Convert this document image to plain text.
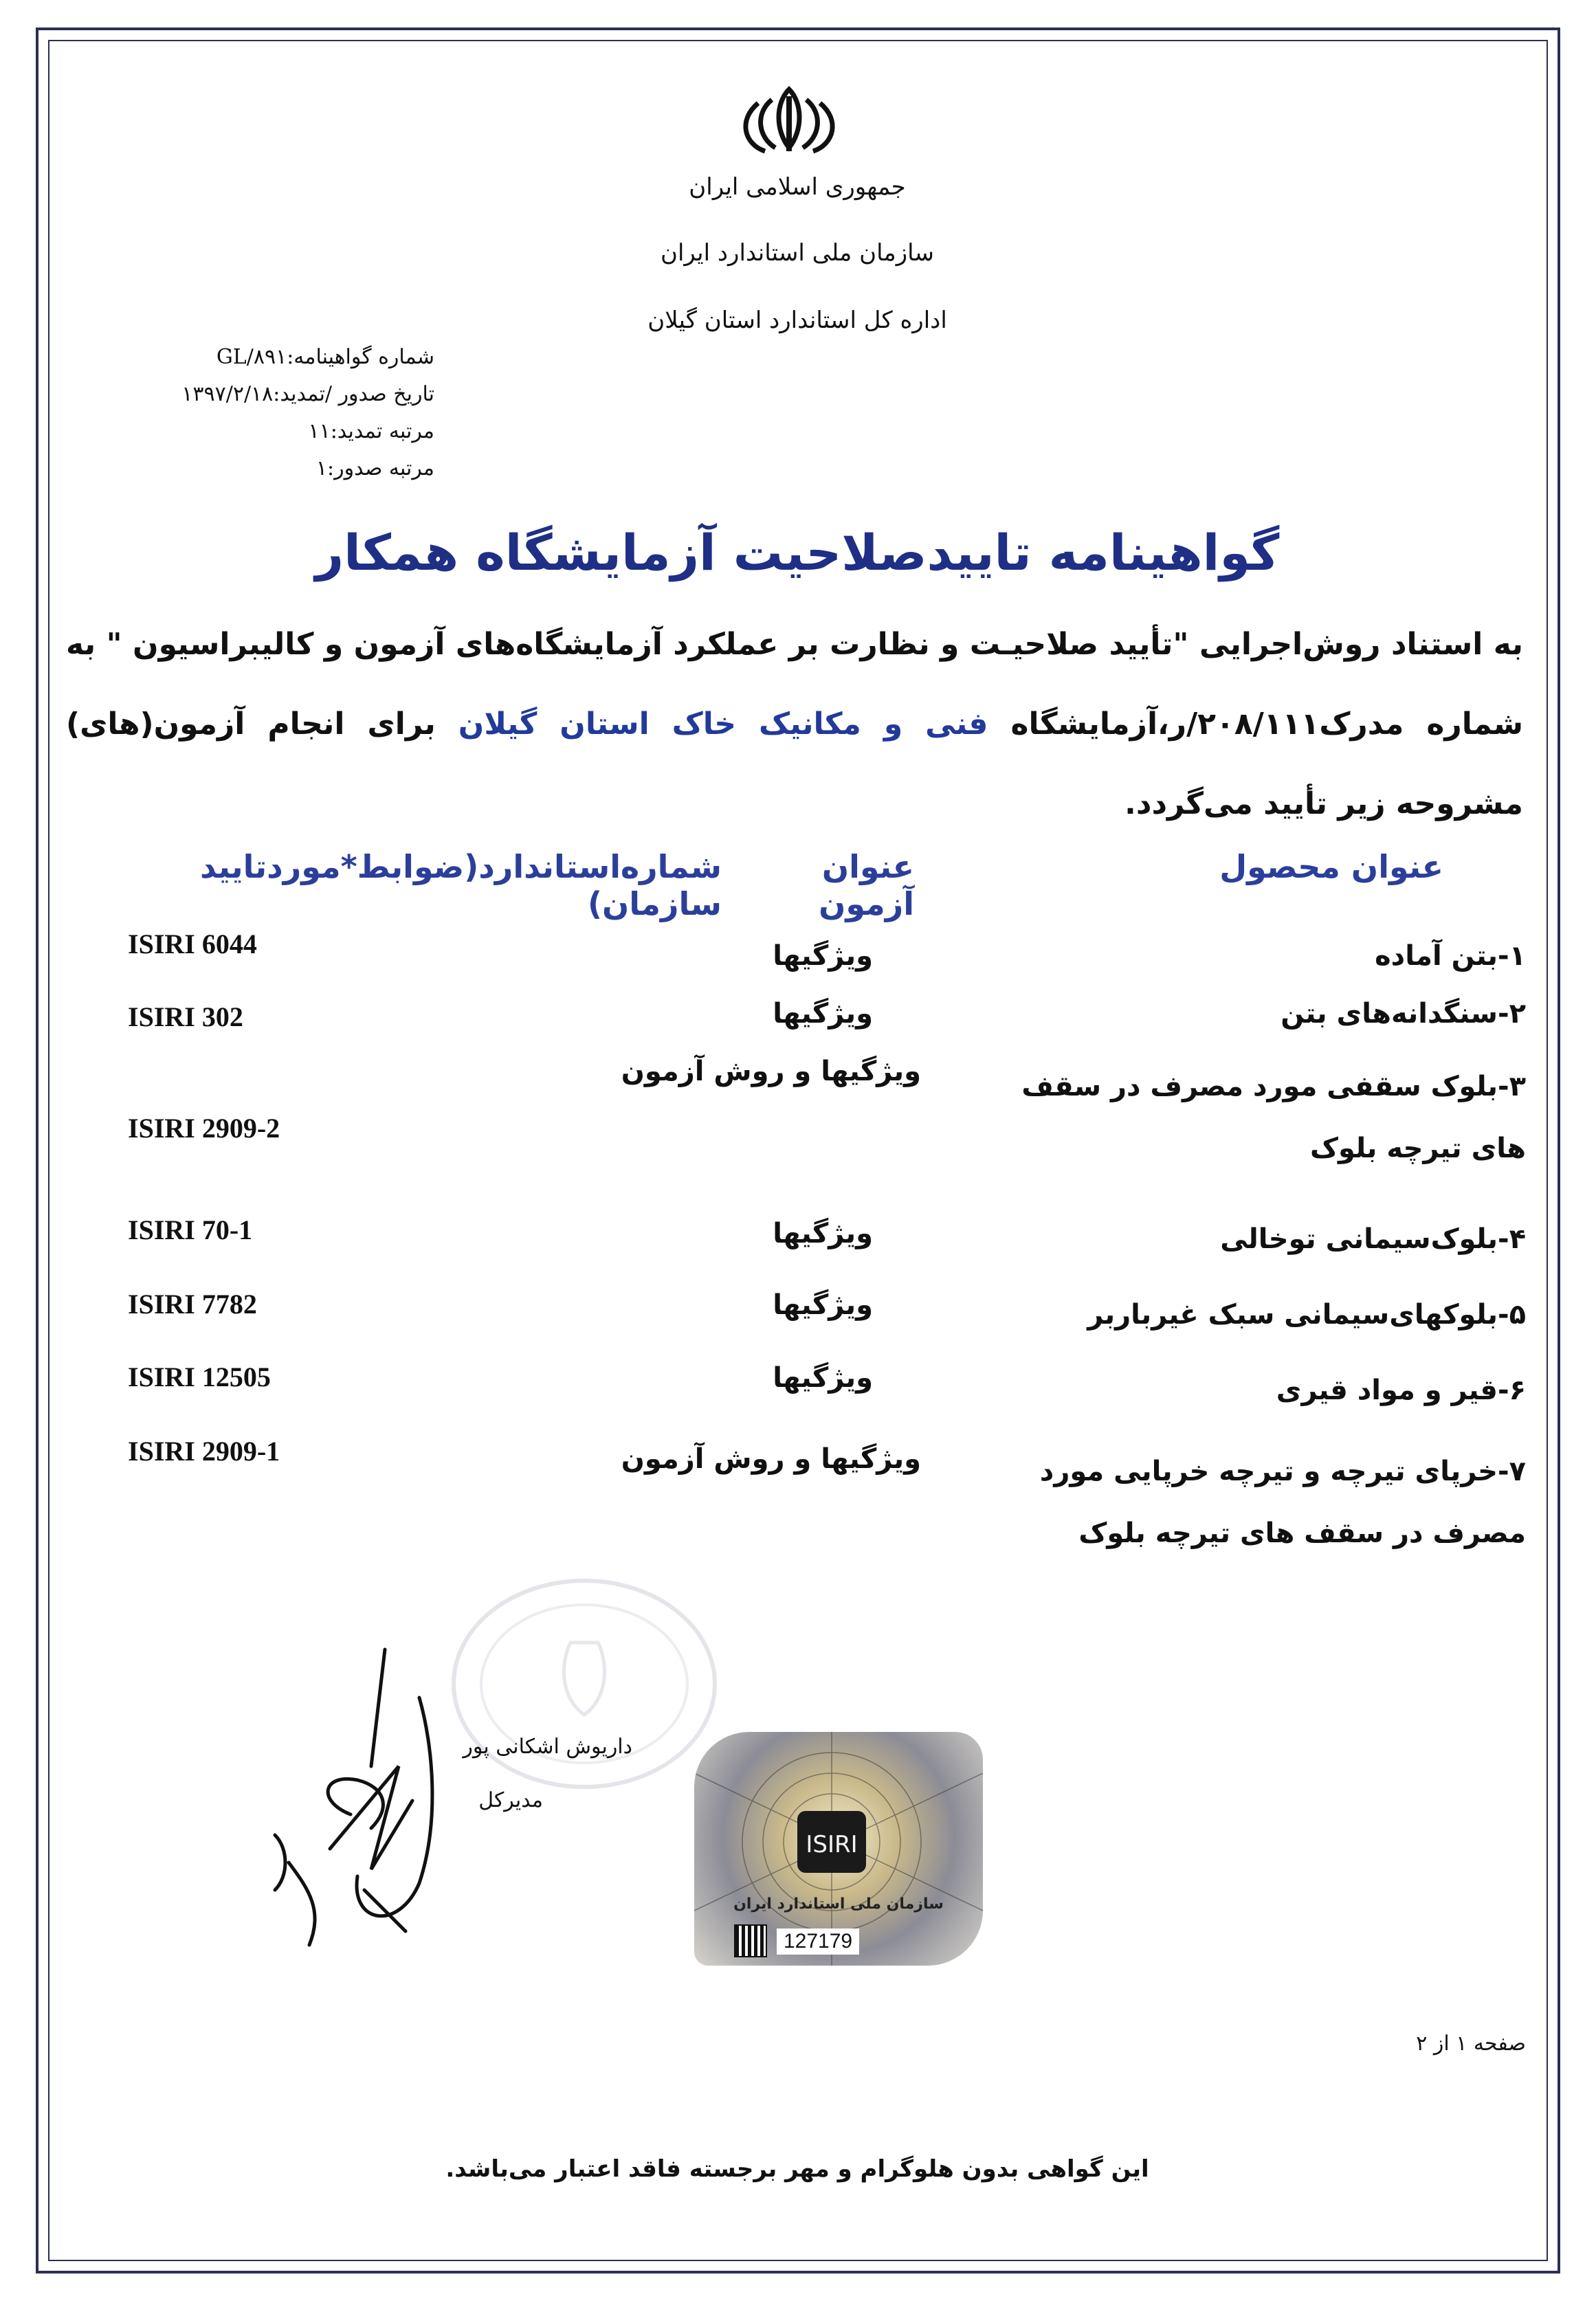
جمهوری اسلامی ایران
سازمان ملی استاندارد ایران
اداره کل استاندارد استان گیلان
شماره گواهینامه:GL/۸۹۱
تاریخ صدور /تمدید:۱۳۹۷/۲/۱۸
مرتبه تمدید:۱۱
مرتبه صدور:۱
گواهینامه تاییدصلاحیت آزمایشگاه همکار
به استناد روش‌اجرایی "تأیید صلاحیـت و نظارت بر عملکرد آزمایشگاه‌های آزمون و کالیبراسیون " به شماره مدرک۲۰۸/۱۱۱/ر،آزمایشگاه فنی و مکانیک خاک استان گیلان برای انجام آزمون(های) مشروحه زیر تأیید می‌گردد.
عنوان محصول
عنوان آزمون
شماره‌استاندارد(ضوابط*موردتایید سازمان)
۱-بتن آماده
ویژگیها
ISIRI 6044
۲-سنگدانه‌های بتن
ویژگیها
ISIRI 302
۳-بلوک سقفی مورد مصرف در سقف های تیرچه بلوک
ویژگیها و روش آزمون
ISIRI 2909-2
۴-بلوک‌سیمانی توخالی
ویژگیها
ISIRI 70-1
۵-بلوکهای‌سیمانی سبک غیرباربر
ویژگیها
ISIRI 7782
۶-قیر و مواد قیری
ویژگیها
ISIRI 12505
۷-خرپای تیرچه و تیرچه خرپایی مورد مصرف در سقف های تیرچه بلوک
ویژگیها و روش آزمون
ISIRI 2909-1
داریوش اشکانی پور
مدیرکل
ISIRI
سازمان ملی استاندارد ایران
127179
صفحه ۱ از ۲
این گواهی بدون هلوگرام و مهر برجسته فاقد اعتبار می‌باشد.
